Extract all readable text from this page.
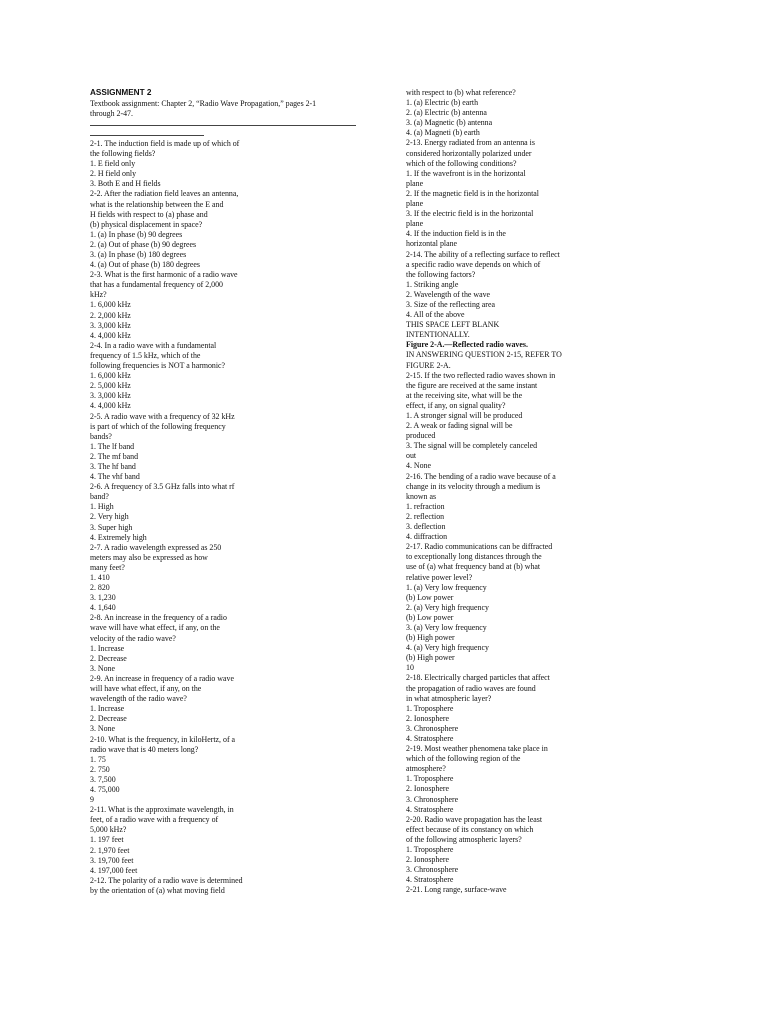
ASSIGNMENT 2
Textbook assignment: Chapter 2, “Radio Wave Propagation,” pages 2-1
through 2-47.
2-1. The induction field is made up of which of
the following fields?
1. E field only
2. H field only
3. Both E and H fields
2-2. After the radiation field leaves an antenna,
what is the relationship between the E and
H fields with respect to (a) phase and
(b) physical displacement in space?
1. (a) In phase (b) 90 degrees
2. (a) Out of phase (b) 90 degrees
3. (a) In phase (b) 180 degrees
4. (a) Out of phase (b) 180 degrees
2-3. What is the first harmonic of a radio wave
that has a fundamental frequency of 2,000
kHz?
1. 6,000 kHz
2. 2,000 kHz
3. 3,000 kHz
4. 4,000 kHz
2-4. In a radio wave with a fundamental
frequency of 1.5 kHz, which of the
following frequencies is NOT a harmonic?
1. 6,000 kHz
2. 5,000 kHz
3. 3,000 kHz
4. 4,000 kHz
2-5. A radio wave with a frequency of 32 kHz
is part of which of the following frequency
bands?
1. The lf band
2. The mf band
3. The hf band
4. The vhf band
2-6. A frequency of 3.5 GHz falls into what rf
band?
1. High
2. Very high
3. Super high
4. Extremely high
2-7. A radio wavelength expressed as 250
meters may also be expressed as how
many feet?
1. 410
2. 820
3. 1,230
4. 1,640
2-8. An increase in the frequency of a radio
wave will have what effect, if any, on the
velocity of the radio wave?
1. Increase
2. Decrease
3. None
2-9. An increase in frequency of a radio wave
will have what effect, if any, on the
wavelength of the radio wave?
1. Increase
2. Decrease
3. None
2-10. What is the frequency, in kiloHertz, of a
radio wave that is 40 meters long?
1. 75
2. 750
3. 7,500
4. 75,000
9
2-11. What is the approximate wavelength, in
feet, of a radio wave with a frequency of
5,000 kHz?
1. 197 feet
2. 1,970 feet
3. 19,700 feet
4. 197,000 feet
2-12. The polarity of a radio wave is determined
by the orientation of (a) what moving field
with respect to (b) what reference?
1. (a) Electric (b) earth
2. (a) Electric (b) antenna
3. (a) Magnetic (b) antenna
4. (a) Magneti (b) earth
2-13. Energy radiated from an antenna is
considered horizontally polarized under
which of the following conditions?
1. If the wavefront is in the horizontal
plane
2. If the magnetic field is in the horizontal
plane
3. If the electric field is in the horizontal
plane
4. If the induction field is in the
horizontal plane
2-14. The ability of a reflecting surface to reflect
a specific radio wave depends on which of
the following factors?
1. Striking angle
2. Wavelength of the wave
3. Size of the reflecting area
4. All of the above
THIS SPACE LEFT BLANK
INTENTIONALLY.
Figure 2-A.—Reflected radio waves.
IN ANSWERING QUESTION 2-15, REFER TO
FIGURE 2-A.
2-15. If the two reflected radio waves shown in
the figure are received at the same instant
at the receiving site, what will be the
effect, if any, on signal quality?
1. A stronger signal will be produced
2. A weak or fading signal will be
produced
3. The signal will be completely canceled
out
4. None
2-16. The bending of a radio wave because of a
change in its velocity through a medium is
known as
1. refraction
2. reflection
3. deflection
4. diffraction
2-17. Radio communications can be diffracted
to exceptionally long distances through the
use of (a) what frequency band at (b) what
relative power level?
1. (a) Very low frequency
(b) Low power
2. (a) Very high frequency
(b) Low power
3. (a) Very low frequency
(b) High power
4. (a) Very high frequency
(b) High power
10
2-18. Electrically charged particles that affect
the propagation of radio waves are found
in what atmospheric layer?
1. Troposphere
2. Ionosphere
3. Chronosphere
4. Stratosphere
2-19. Most weather phenomena take place in
which of the following region of the
atmosphere?
1. Troposphere
2. Ionosphere
3. Chronosphere
4. Stratosphere
2-20. Radio wave propagation has the least
effect because of its constancy on which
of the following atmospheric layers?
1. Troposphere
2. Ionosphere
3. Chronosphere
4. Stratosphere
2-21. Long range, surface-wave
